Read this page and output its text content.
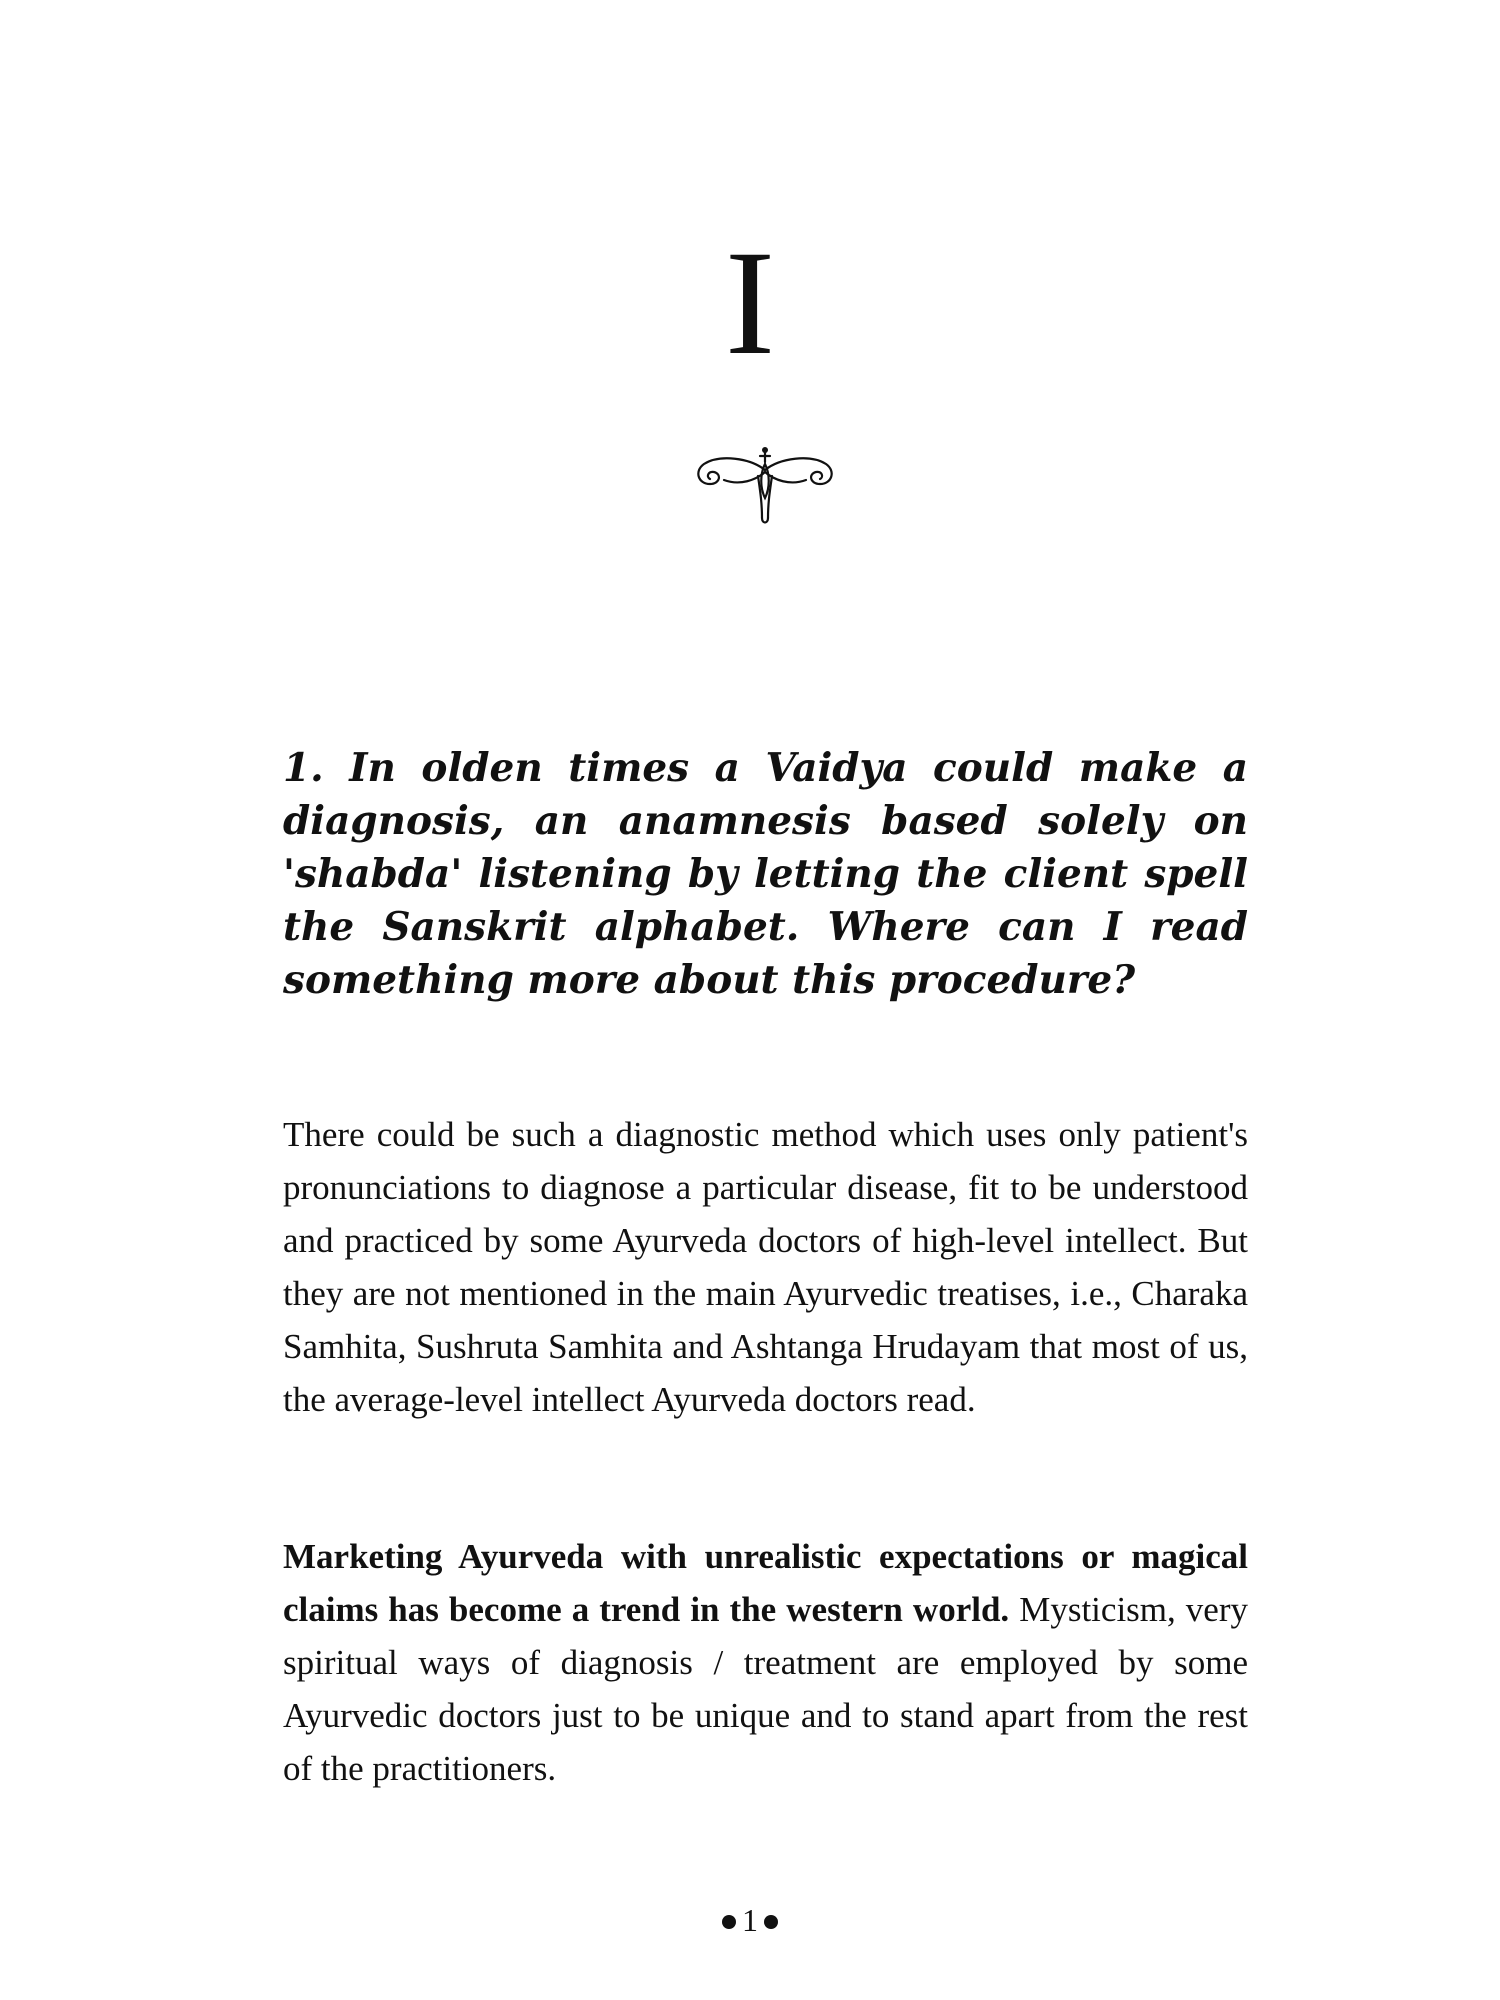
I

1. In olden times a Vaidya could make a diagnosis, an anamnesis based solely on 'shabda' listening by letting the client spell the Sanskrit alphabet. Where can I read something more about this procedure?

There could be such a diagnostic method which uses only patient's pronunciations to diagnose a particular disease, fit to be understood and practiced by some Ayurveda doctors of high-level intellect. But they are not mentioned in the main Ayurvedic treatises, i.e., Charaka Samhita, Sushruta Samhita and Ashtanga Hrudayam that most of us, the average-level intellect Ayurveda doctors read.

Marketing Ayurveda with unrealistic expectations or magical claims has become a trend in the western world. Mysticism, very spiritual ways of diagnosis / treatment are employed by some Ayurvedic doctors just to be unique and to stand apart from the rest of the practitioners.

1
